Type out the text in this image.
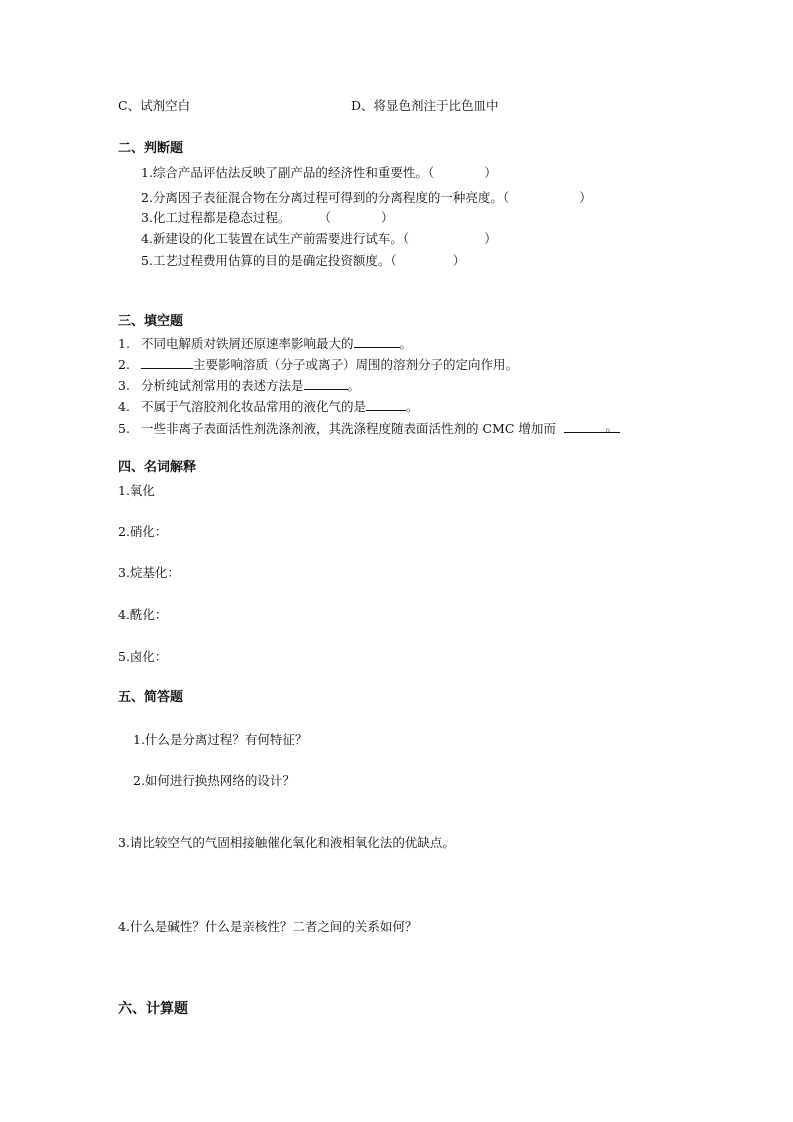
C、试剂空白	D、将显色剂注于比色皿中
二、判断题
1.综合产品评估法反映了副产品的经济性和重要性。（	）
2.分离因子表征混合物在分离过程可得到的分离程度的一种亮度。（	）
3.化工过程都是稳态过程。 （	）
4.新建设的化工装置在试生产前需要进行试车。（	）
5.工艺过程费用估算的目的是确定投资额度。（	）
三、填空题
1. 不同电解质对铁屑还原速率影响最大的	。
2.	主要影响溶质（分子或离子）周围的溶剂分子的定向作用。
3. 分析纯试剂常用的表述方法是	。
4. 不属于气溶胶剂化妆品常用的液化气的是	。
5. 一些非离子表面活性剂洗涤剂液，其洗涤程度随表面活性剂的 CMC 增加而	。
四、名词解释
1.氧化
2.硝化：
3.烷基化：
4.酰化：
5.卤化：
五、简答题
1.什么是分离过程？有何特征？
2.如何进行换热网络的设计？
3.请比较空气的气固相接触催化氧化和液相氧化法的优缺点。
4.什么是碱性？什么是亲核性？二者之间的关系如何？
六、计算题
